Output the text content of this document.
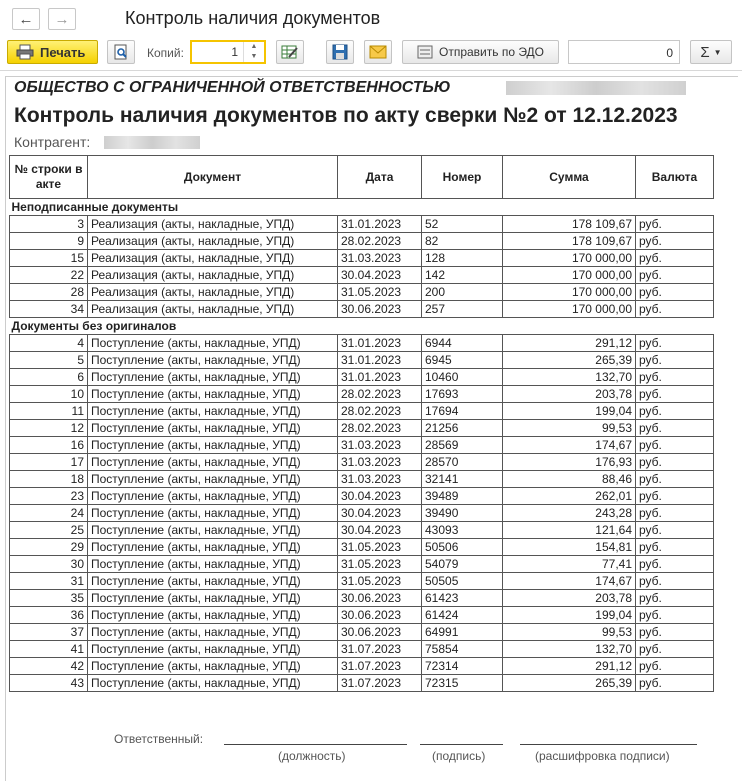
← →	Контроль наличия документов
Печать	Копий:	1	▲
▼	Отправить по ЭДО	0	Σ ▼
ОБЩЕСТВО С ОГРАНИЧЕННОЙ ОТВЕТСТВЕННОСТЬЮ
Контроль наличия документов по акту сверки №2 от 12.12.2023
Контрагент:
№ строки в акте	Документ	Дата	Номер	Сумма	Валюта
Неподписанные документы					
3	Реализация (акты, накладные, УПД)	31.01.2023	52	178 109,67	руб.
9	Реализация (акты, накладные, УПД)	28.02.2023	82	178 109,67	руб.
15	Реализация (акты, накладные, УПД)	31.03.2023	128	170 000,00	руб.
22	Реализация (акты, накладные, УПД)	30.04.2023	142	170 000,00	руб.
28	Реализация (акты, накладные, УПД)	31.05.2023	200	170 000,00	руб.
34	Реализация (акты, накладные, УПД)	30.06.2023	257	170 000,00	руб.
Документы без оригиналов					
4	Поступление (акты, накладные, УПД)	31.01.2023	6944	291,12	руб.
5	Поступление (акты, накладные, УПД)	31.01.2023	6945	265,39	руб.
6	Поступление (акты, накладные, УПД)	31.01.2023	10460	132,70	руб.
10	Поступление (акты, накладные, УПД)	28.02.2023	17693	203,78	руб.
11	Поступление (акты, накладные, УПД)	28.02.2023	17694	199,04	руб.
12	Поступление (акты, накладные, УПД)	28.02.2023	21256	99,53	руб.
16	Поступление (акты, накладные, УПД)	31.03.2023	28569	174,67	руб.
17	Поступление (акты, накладные, УПД)	31.03.2023	28570	176,93	руб.
18	Поступление (акты, накладные, УПД)	31.03.2023	32141	88,46	руб.
23	Поступление (акты, накладные, УПД)	30.04.2023	39489	262,01	руб.
24	Поступление (акты, накладные, УПД)	30.04.2023	39490	243,28	руб.
25	Поступление (акты, накладные, УПД)	30.04.2023	43093	121,64	руб.
29	Поступление (акты, накладные, УПД)	31.05.2023	50506	154,81	руб.
30	Поступление (акты, накладные, УПД)	31.05.2023	54079	77,41	руб.
31	Поступление (акты, накладные, УПД)	31.05.2023	50505	174,67	руб.
35	Поступление (акты, накладные, УПД)	30.06.2023	61423	203,78	руб.
36	Поступление (акты, накладные, УПД)	30.06.2023	61424	199,04	руб.
37	Поступление (акты, накладные, УПД)	30.06.2023	64991	99,53	руб.
41	Поступление (акты, накладные, УПД)	31.07.2023	75854	132,70	руб.
42	Поступление (акты, накладные, УПД)	31.07.2023	72314	291,12	руб.
43	Поступление (акты, накладные, УПД)	31.07.2023	72315	265,39	руб.
Ответственный:
(должность)	(подпись)	(расшифровка подписи)
